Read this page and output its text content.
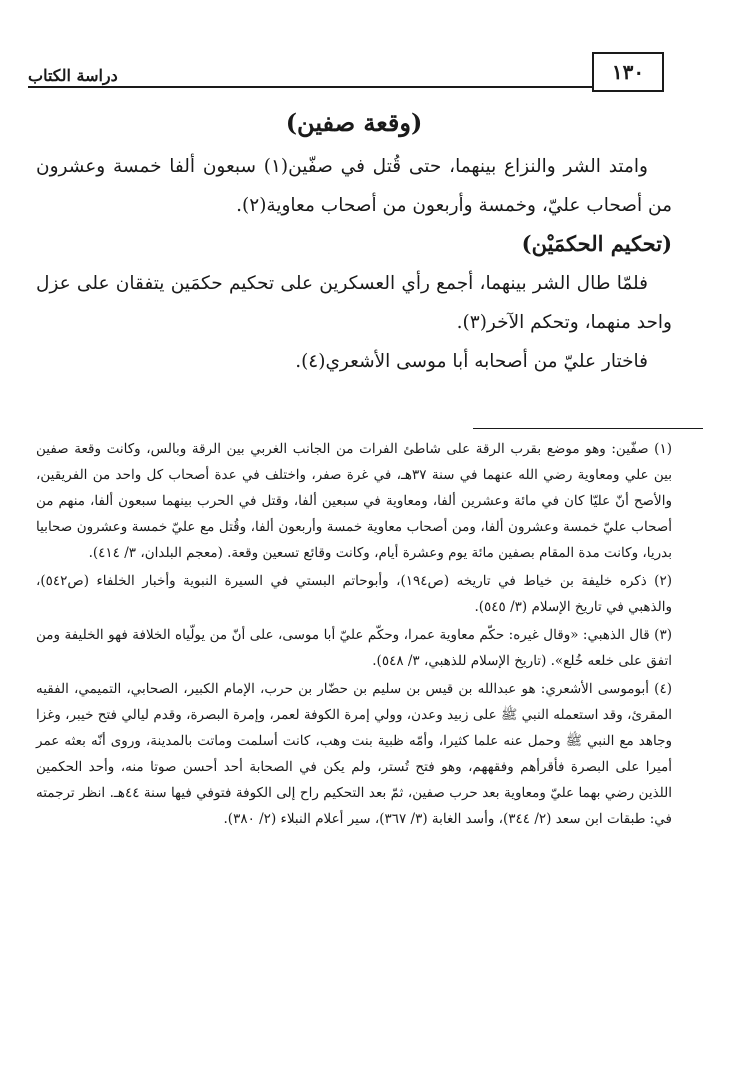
١٣٠
دراسة الكتاب
(وقعة صفين)

وامتد الشر والنزاع بينهما، حتى قُتل في صفّين(١) سبعون ألفا خمسة وعشرون من أصحاب عليّ، وخمسة وأربعون من أصحاب معاوية(٢).

(تحكيم الحكمَيْن)

فلمّا طال الشر بينهما، أجمع رأي العسكرين على تحكيم حكمَين يتفقان على عزل واحد منهما، وتحكم الآخر(٣).

فاختار عليّ من أصحابه أبا موسى الأشعري(٤).

(١) صفّين: وهو موضع بقرب الرقة على شاطئ الفرات من الجانب الغربي بين الرقة وبالس، وكانت وقعة صفين بين علي ومعاوية رضي الله عنهما في سنة ٣٧هـ، في غرة صفر، واختلف في عدة أصحاب كل واحد من الفريقين، والأصح أنّ عليّا كان في مائة وعشرين ألفا، ومعاوية في سبعين ألفا، وقتل في الحرب بينهما سبعون ألفا، منهم من أصحاب عليّ خمسة وعشرون ألفا، ومن أصحاب معاوية خمسة وأربعون ألفا، وقُتل مع عليّ خمسة وعشرون صحابيا بدريا، وكانت مدة المقام بصفين مائة يوم وعشرة أيام، وكانت وقائع تسعين وقعة. (معجم البلدان، ٣/ ٤١٤).

(٢) ذكره خليفة بن خياط في تاريخه (ص١٩٤)، وأبوحاتم البستي في السيرة النبوية وأخبار الخلفاء (ص٥٤٢)، والذهبي في تاريخ الإسلام (٣/ ٥٤٥).

(٣) قال الذهبي: «وقال غيره: حكّم معاوية عمرا، وحكّم عليّ أبا موسى، على أنّ من يولّياه الخلافة فهو الخليفة ومن اتفق على خلعه خُلع». (تاريخ الإسلام للذهبي، ٣/ ٥٤٨).

(٤) أبوموسى الأشعري: هو عبدالله بن قيس بن سليم بن حضّار بن حرب، الإمام الكبير، الصحابي، التميمي، الفقيه المقرئ، وقد استعمله النبي ﷺ على زبيد وعدن، وولي إمرة الكوفة لعمر، وإمرة البصرة، وقدم ليالي فتح خيبر، وغزا وجاهد مع النبي ﷺ وحمل عنه علما كثيرا، وأمّه ظبية بنت وهب، كانت أسلمت وماتت بالمدينة، وروى أنّه بعثه عمر أميرا على البصرة فأقرأهم وفقههم، وهو فتح تُستر، ولم يكن في الصحابة أحد أحسن صوتا منه، وأحد الحكمين اللذين رضي بهما عليّ ومعاوية بعد حرب صفين، ثمّ بعد التحكيم راح إلى الكوفة فتوفي فيها سنة ٤٤هـ. انظر ترجمته في: طبقات ابن سعد (٢/ ٣٤٤)، وأسد الغابة (٣/ ٣٦٧)، سير أعلام النبلاء (٢/ ٣٨٠).
